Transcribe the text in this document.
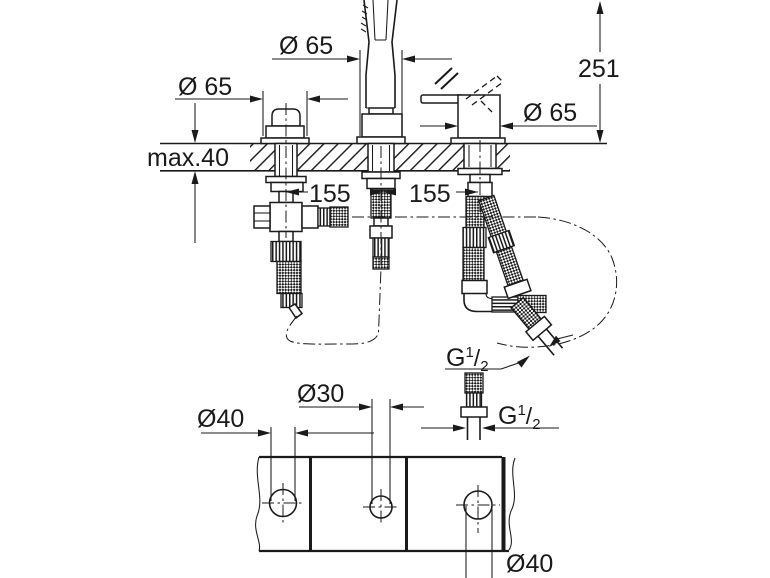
Ø 65
Ø 65
Ø 65
max.40
251
155 155
$G^1/_2$
$G^1/_2$
Ø40
Ø30
Ø40
